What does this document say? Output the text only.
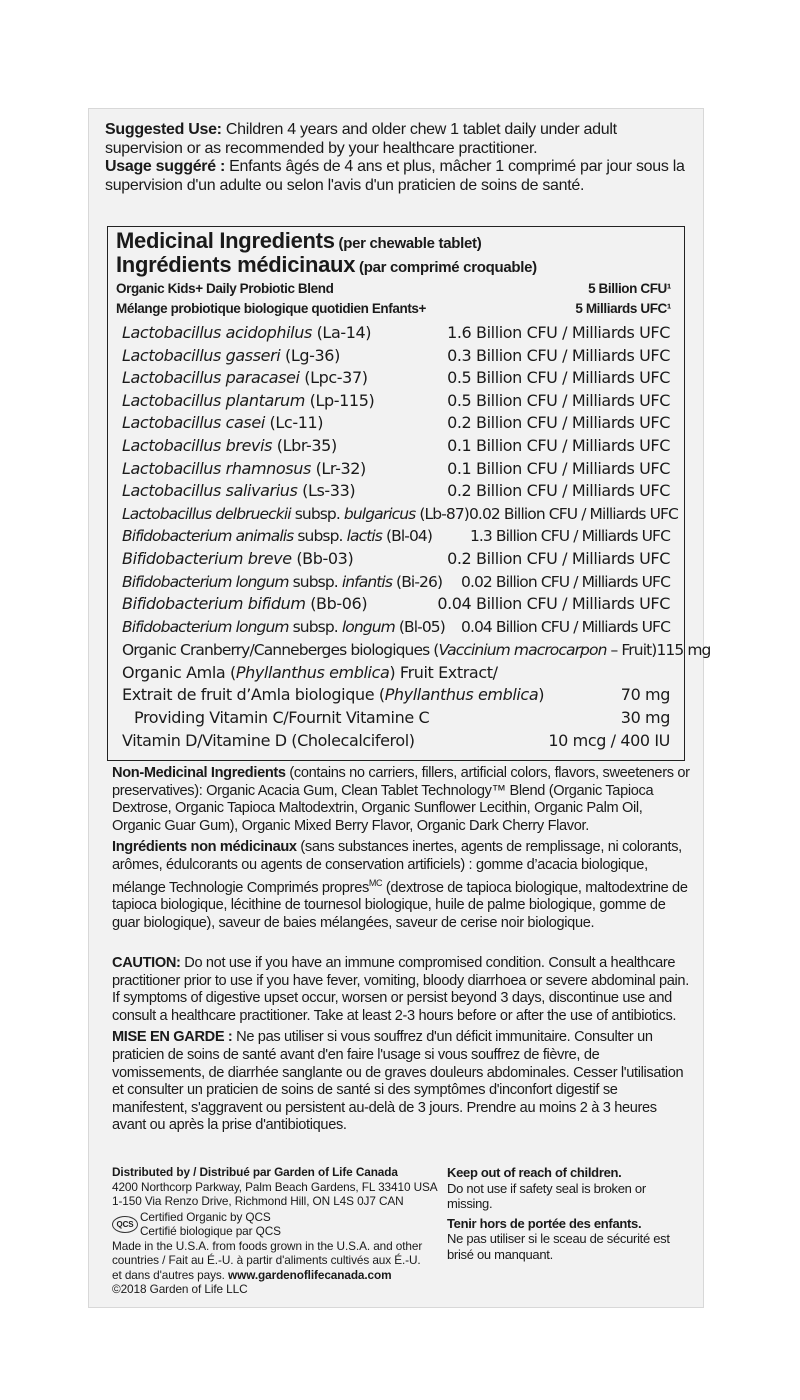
Suggested Use: Children 4 years and older chew 1 tablet daily under adult supervision or as recommended by your healthcare practitioner.

Usage suggéré : Enfants âgés de 4 ans et plus, mâcher 1 comprimé par jour sous la supervision d'un adulte ou selon l'avis d'un praticien de soins de santé.

Medicinal Ingredients (per chewable tablet)
Ingrédients médicinaux (par comprimé croquable)
Organic Kids+ Daily Probiotic Blend	5 Billion CFU¹
Mélange probiotique biologique quotidien Enfants+	5 Milliards UFC¹
Lactobacillus acidophilus (La-14)	1.6 Billion CFU / Milliards UFC
Lactobacillus gasseri (Lg-36)	0.3 Billion CFU / Milliards UFC
Lactobacillus paracasei (Lpc-37)	0.5 Billion CFU / Milliards UFC
Lactobacillus plantarum (Lp-115)	0.5 Billion CFU / Milliards UFC
Lactobacillus casei (Lc-11)	0.2 Billion CFU / Milliards UFC
Lactobacillus brevis (Lbr-35)	0.1 Billion CFU / Milliards UFC
Lactobacillus rhamnosus (Lr-32)	0.1 Billion CFU / Milliards UFC
Lactobacillus salivarius (Ls-33)	0.2 Billion CFU / Milliards UFC
Lactobacillus delbrueckii subsp. bulgaricus (Lb-87) 0.02 Billion CFU / Milliards UFC
Bifidobacterium animalis subsp. lactis (Bl-04) 1.3 Billion CFU / Milliards UFC
Bifidobacterium breve (Bb-03)	0.2 Billion CFU / Milliards UFC
Bifidobacterium longum subsp. infantis (Bi-26) 0.02 Billion CFU / Milliards UFC
Bifidobacterium bifidum (Bb-06)	0.04 Billion CFU / Milliards UFC
Bifidobacterium longum subsp. longum (Bl-05) 0.04 Billion CFU / Milliards UFC
Organic Cranberry/Canneberges biologiques (Vaccinium macrocarpon – Fruit) 115 mg
Organic Amla (Phyllanthus emblica) Fruit Extract/
Extrait de fruit d’Amla biologique (Phyllanthus emblica)	70 mg
Providing Vitamin C/Fournit Vitamine C	30 mg
Vitamin D/Vitamine D (Cholecalciferol)	10 mcg / 400 IU

Non-Medicinal Ingredients (contains no carriers, fillers, artificial colors, flavors, sweeteners or preservatives): Organic Acacia Gum, Clean Tablet Technology™ Blend (Organic Tapioca Dextrose, Organic Tapioca Maltodextrin, Organic Sunflower Lecithin, Organic Palm Oil, Organic Guar Gum), Organic Mixed Berry Flavor, Organic Dark Cherry Flavor.

Ingrédients non médicinaux (sans substances inertes, agents de remplissage, ni colorants, arômes, édulcorants ou agents de conservation artificiels) : gomme d’acacia biologique, mélange Technologie Comprimés propres$^{MC}$ (dextrose de tapioca biologique, maltodextrine de tapioca biologique, lécithine de tournesol biologique, huile de palme biologique, gomme de guar biologique), saveur de baies mélangées, saveur de cerise noir biologique.

CAUTION: Do not use if you have an immune compromised condition. Consult a healthcare practitioner prior to use if you have fever, vomiting, bloody diarrhoea or severe abdominal pain. If symptoms of digestive upset occur, worsen or persist beyond 3 days, discontinue use and consult a healthcare practitioner. Take at least 2-3 hours before or after the use of antibiotics.

MISE EN GARDE : Ne pas utiliser si vous souffrez d'un déficit immunitaire. Consulter un praticien de soins de santé avant d'en faire l'usage si vous souffrez de fièvre, de vomissements, de diarrhée sanglante ou de graves douleurs abdominales. Cesser l'utilisation et consulter un praticien de soins de santé si des symptômes d'inconfort digestif se manifestent, s'aggravent ou persistent au-delà de 3 jours. Prendre au moins 2 à 3 heures avant ou après la prise d'antibiotiques.

Distributed by / Distribué par Garden of Life Canada

4200 Northcorp Parkway, Palm Beach Gardens, FL 33410 USA

1-150 Via Renzo Drive, Richmond Hill, ON L4S 0J7 CAN

QCS

Certified Organic by QCS

Certifié biologique par QCS

Made in the U.S.A. from foods grown in the U.S.A. and other

countries / Fait au É.-U. à partir d'aliments cultivés aux É.-U.

et dans d'autres pays. www.gardenoflifecanada.com

©2018 Garden of Life LLC

Keep out of reach of children.

Do not use if safety seal is broken or missing.

Tenir hors de portée des enfants.

Ne pas utiliser si le sceau de sécurité est brisé ou manquant.
